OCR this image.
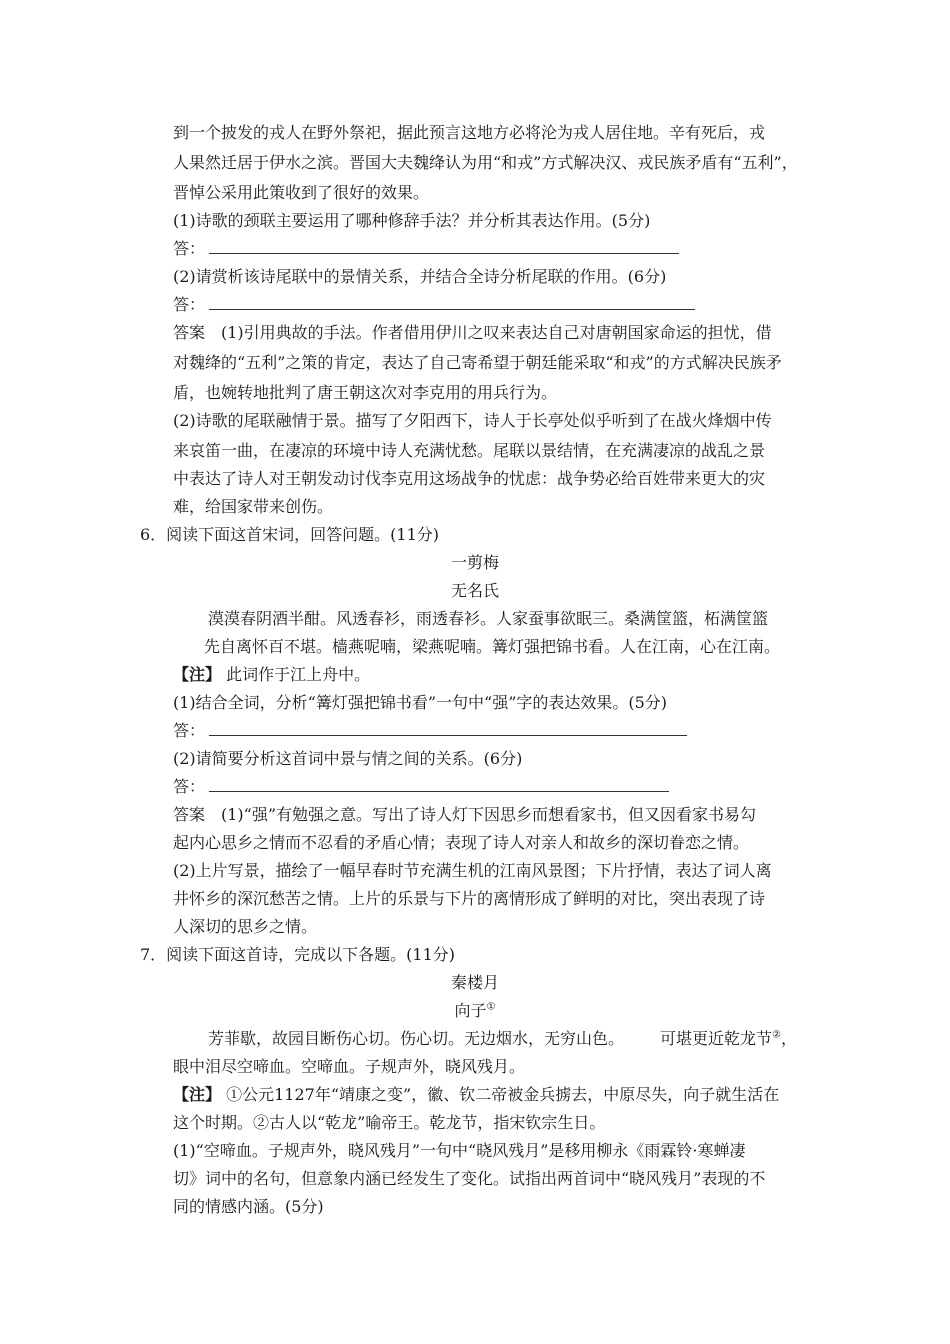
到一个披发的戎人在野外祭祀，据此预言这地方必将沦为戎人居住地。辛有死后，戎
人果然迁居于伊水之滨。晋国大夫魏绛认为用“和戎”方式解决汉、戎民族矛盾有“五利”，
晋悼公采用此策收到了很好的效果。
(1)诗歌的颈联主要运用了哪种修辞手法？并分析其表达作用。(5分)
答：
(2)请赏析该诗尾联中的景情关系，并结合全诗分析尾联的作用。(6分)
答：
答案　(1)引用典故的手法。作者借用伊川之叹来表达自己对唐朝国家命运的担忧，借
对魏绛的“五利”之策的肯定，表达了自己寄希望于朝廷能采取“和戎”的方式解决民族矛
盾，也婉转地批判了唐王朝这次对李克用的用兵行为。
(2)诗歌的尾联融情于景。描写了夕阳西下，诗人于长亭处似乎听到了在战火烽烟中传
来哀笛一曲，在凄凉的环境中诗人充满忧愁。尾联以景结情，在充满凄凉的战乱之景
中表达了诗人对王朝发动讨伐李克用这场战争的忧虑：战争势必给百姓带来更大的灾
难，给国家带来创伤。
6．阅读下面这首宋词，回答问题。(11分)
一剪梅
无名氏
漠漠春阴酒半酣。风透春衫，雨透春衫。人家蚕事欲眠三。桑满筐篮，柘满筐篮
先自离怀百不堪。樯燕呢喃，梁燕呢喃。篝灯强把锦书看。人在江南，心在江南。
【注】 此词作于江上舟中。
(1)结合全词，分析“篝灯强把锦书看”一句中“强”字的表达效果。(5分)
答：
(2)请简要分析这首词中景与情之间的关系。(6分)
答：
答案　(1)“强”有勉强之意。写出了诗人灯下因思乡而想看家书，但又因看家书易勾
起内心思乡之情而不忍看的矛盾心情；表现了诗人对亲人和故乡的深切眷恋之情。
(2)上片写景，描绘了一幅早春时节充满生机的江南风景图；下片抒情，表达了词人离
井怀乡的深沉愁苦之情。上片的乐景与下片的离情形成了鲜明的对比，突出表现了诗
人深切的思乡之情。
7．阅读下面这首诗，完成以下各题。(11分)
秦楼月
向子①
芳菲歇，故园目断伤心切。伤心切。无边烟水，无穷山色。 可堪更近乾龙节②，
眼中泪尽空啼血。空啼血。子规声外，晓风残月。
【注】 ①公元1127年“靖康之变”，徽、钦二帝被金兵掳去，中原尽失，向子就生活在
这个时期。②古人以“乾龙”喻帝王。乾龙节，指宋钦宗生日。
(1)“空啼血。子规声外，晓风残月”一句中“晓风残月”是移用柳永《雨霖铃·寒蝉凄
切》词中的名句，但意象内涵已经发生了变化。试指出两首词中“晓风残月”表现的不
同的情感内涵。(5分)
